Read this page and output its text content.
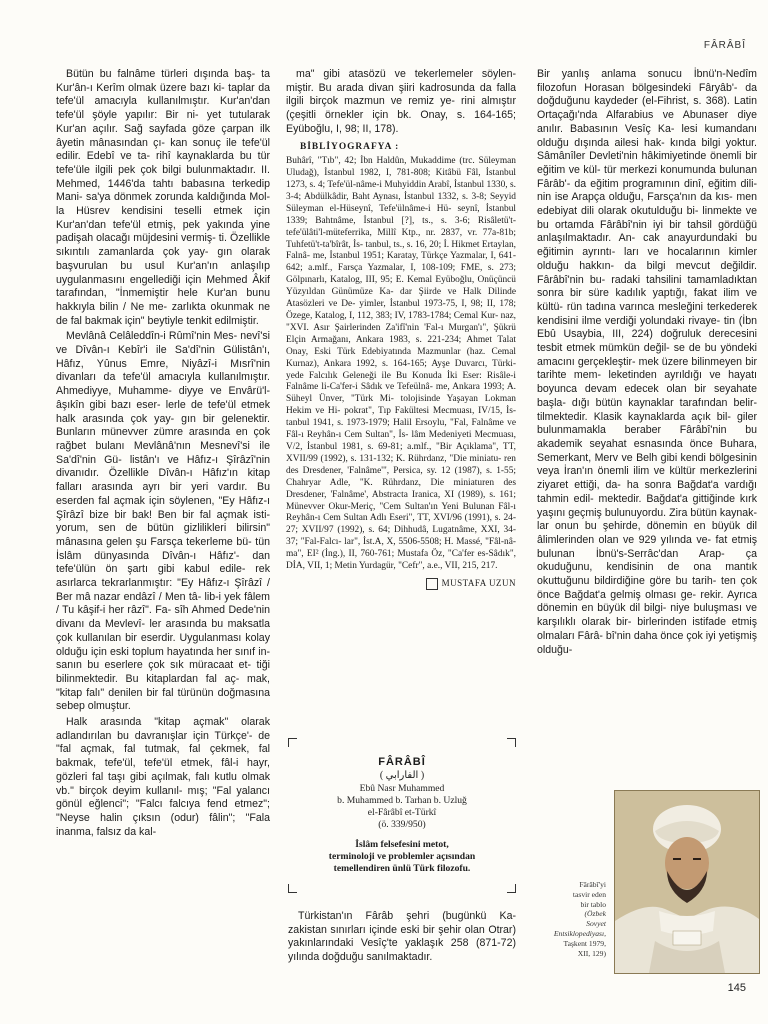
FÂRÂBÎ

Bütün bu falnâme türleri dışında baş- ta Kur'ân-ı Kerîm olmak üzere bazı ki- taplar da tefe'ül amacıyla kullanılmıştır. Kur'an'dan tefe'ül şöyle yapılır: Bir ni- yet tutularak Kur'an açılır. Sağ sayfada göze çarpan ilk âyetin mânasından çı- kan sonuç ile tefe'ül edilir. Edebî ve ta- rihî kaynaklarda bu tür tefe'üle ilgili pek çok bilgi bulunmaktadır. II. Mehmed, 1446'da tahtı babasına terkedip Mani- sa'ya dönmek zorunda kaldığında Mol- la Hüsrev kendisini teselli etmek için Kur'an'dan tefe'ül etmiş, pek yakında yine padişah olacağı müjdesini vermiş- ti. Özellikle sıkıntılı zamanlarda çok yay- gın olarak başvurulan bu usul Kur'an'ın anlaşılıp uygulanmasını engellediği için Mehmed Âkif tarafından, "İnmemiştir hele Kur'an bunu hakkıyla bilin / Ne me- zarlıkta okunmak ne de fal bakmak için" beytiyle tenkit edilmiştir.

Mevlânâ Celâleddîn-i Rûmî'nin Mes- nevî'si ve Dîvân-ı Kebîr'i ile Sa'dî'nin Gülistân'ı, Hâfız, Yûnus Emre, Niyâzî-i Mısrî'nin divanları da tefe'ül amacıyla kullanılmıştır. Ahmediyye, Muhamme- diyye ve Envârü'l-âşıkîn gibi bazı eser- lerle de tefe'ül etmek halk arasında çok yay- gın bir gelenektir. Bunların münevver zümre arasında en çok rağbet bulanı Mevlânâ'nın Mesnevî'si ile Sa'dî'nin Gü- listân'ı ve Hâfız-ı Şîrâzî'nin divanıdır. Özellikle Dîvân-ı Hâfız'ın kitap falları arasında ayrı bir yeri vardır. Bu eserden fal açmak için söylenen, "Ey Hâfız-ı Şîrâzî bize bir bak! Ben bir fal açmak isti- yorum, sen de bütün gizlilikleri bilirsin" mânasına gelen şu Farsça tekerleme bü- tün İslâm dünyasında Dîvân-ı Hâfız'- dan tefe'ülün ön şartı gibi kabul edile- rek asırlarca tekrarlanmıştır: "Ey Hâfız-ı Şîrâzî / Ber mâ nazar endâzî / Men tâ- lib-i yek fâlem / Tu kâşif-i her râzî". Fa- sîh Ahmed Dede'nin divanı da Mevlevî- ler arasında bu maksatla çok kullanılan bir eserdir. Uygulanması kolay olduğu için eski toplum hayatında her sınıf in- sanın bu eserlere çok sık müracaat et- tiği bilinmektedir. Bu kitaplardan fal aç- mak, "kitap falı" denilen bir fal türünün doğmasına sebep olmuştur.

Halk arasında "kitap açmak" olarak adlandırılan bu davranışlar için Türkçe'- de "fal açmak, fal tutmak, fal çekmek, fal bakmak, tefe'ül, tefe'ül etmek, fâl-i hayr, gözleri fal taşı gibi açılmak, falı kutlu olmak vb." birçok deyim kullanıl- mış; "Fal yalancı gönül eğlenci"; "Falcı falcıya fend etmez"; "Neyse halin çıksın (odur) fâlin"; "Fala inanma, falsız da kal-

ma" gibi atasözü ve tekerlemeler söylen- miştir. Bu arada divan şiiri kadrosunda da falla ilgili birçok mazmun ve remiz ye- rini almıştır (çeşitli örnekler için bk. Onay, s. 164-165; Eyüboğlu, I, 98; II, 178).

BİBLİYOGRAFYA :

Buhârî, "Tıb", 42; İbn Haldûn, Mukaddime (trc. Süleyman Uludağ), İstanbul 1982, I, 781-808; Kitâbü Fâl, İstanbul 1273, s. 4; Tefe'ül-nâme-i Muhyiddin Arabî, İstanbul 1330, s. 3-4; Abdülkâdir, Baht Aynası, İstanbul 1332, s. 3-8; Seyyid Süleyman el-Hüseynî, Tefe'ülnâme-i Hü- seynî, İstanbul 1339; Bahtnâme, İstanbul [?], ts., s. 3-6; Risâletü't-tefe'ülâti'l-müteferrika, Millî Ktp., nr. 2837, vr. 77a-81b; Tuhfetü't-ta'bîrât, İs- tanbul, ts., s. 16, 20; İ. Hikmet Ertaylan, Falnâ- me, İstanbul 1951; Karatay, Türkçe Yazmalar, I, 641-642; a.mlf., Farsça Yazmalar, I, 108-109; FME, s. 273; Gölpınarlı, Katalog, III, 95; E. Kemal Eyüboğlu, Onüçüncü Yüzyıldan Günümüze Ka- dar Şiirde ve Halk Dilinde Atasözleri ve De- yimler, İstanbul 1973-75, I, 98; II, 178; Özege, Katalog, I, 112, 383; IV, 1783-1784; Cemal Kur- naz, "XVI. Asır Şairlerinden Za'ifî'nin 'Fal-ı Murgan'ı", Şükrü Elçin Armağanı, Ankara 1983, s. 221-234; Ahmet Talat Onay, Eski Türk Edebiyatında Mazmunlar (haz. Cemal Kurnaz), Ankara 1992, s. 164-165; Ayşe Duvarcı, Türki- yede Falcılık Geleneği ile Bu Konuda İki Eser: Risâle-i Falnâme li-Ca'fer-i Sâdık ve Tefeülnâ- me, Ankara 1993; A. Süheyl Ünver, "Türk Mi- tolojisinde Yaşayan Lokman Hekim ve Hi- pokrat", Tıp Fakültesi Mecmuası, IV/15, İs- tanbul 1941, s. 1973-1979; Halil Ersoylu, "Fal, Falnâme ve Fâl-ı Reyhân-ı Cem Sultan", İs- lâm Medeniyeti Mecmuası, V/2, İstanbul 1981, s. 69-81; a.mlf., "Bir Açıklama", TT, XVII/99 (1992), s. 131-132; K. Rührdanz, "Die miniatu- ren des Dresdener, 'Falnâme'", Persica, sy. 12 (1987), s. 1-55; Chahryar Adle, "K. Rührdanz, Die miniaturen des Dresdener, 'Falnâme', Abstracta Iranica, XI (1989), s. 161; Münevver Okur-Meriç, "Cem Sultan'ın Yeni Bulunan Fâl-ı Reyhân-ı Cem Sultan Adlı Eseri", TT, XVI/96 (1991), s. 24-27; XVII/97 (1992), s. 64; Dihhudâ, Lugatnâme, XXI, 34-37; "Fal-Falcı- lar", İst.A, X, 5506-5508; H. Massé, "Fâl-nâ- ma", EI² (İng.), II, 760-761; Mustafa Öz, "Ca'fer es-Sâdık", DİA, VII, 1; Metin Yurdagür, "Cefr", a.e., VII, 215, 217.

MUSTAFA UZUN
FÂRÂBÎ
( الفارابي )
Ebû Nasr Muhammed
b. Muhammed b. Tarhan b. Uzluğ
el-Fârâbî et-Türkî
(ö. 339/950)
İslâm felsefesini metot,
terminoloji ve problemler açısından
temellendiren ünlü Türk filozofu.

Türkistan'ın Fârâb şehri (bugünkü Ka- zakistan sınırları içinde eski bir şehir olan Otrar) yakınlarındaki Vesîç'te yaklaşık 258 (871-72) yılında doğduğu sanılmaktadır.

Bir yanlış anlama sonucu İbnü'n-Nedîm filozofun Horasan bölgesindeki Fâryâb'- da doğduğunu kaydeder (el-Fihrist, s. 368). Latin Ortaçağı'nda Alfarabius ve Abunaser diye anılır. Babasının Vesîç Ka- lesi kumandanı olduğu dışında ailesi hak- kında bilgi yoktur. Sâmânîler Devleti'nin hâkimiyetinde önemli bir eğitim ve kül- tür merkezi konumunda bulunan Fârâb'- da eğitim programının dinî, eğitim dili- nin ise Arapça olduğu, Farsça'nın da kıs- men edebiyat dili olarak okutulduğu bi- linmekte ve bu ortamda Fârâbî'nin iyi bir tahsil gördüğü anlaşılmaktadır. An- cak anayurdundaki bu eğitimin ayrıntı- ları ve hocalarının kimler olduğu hakkın- da bilgi mevcut değildir. Fârâbî'nin bu- radaki tahsilini tamamladıktan sonra bir süre kadılık yaptığı, fakat ilim ve kültü- rün tadına varınca mesleğini terkederek kendisini ilme verdiği yolundaki rivaye- tin (İbn Ebû Usaybia, III, 224) doğruluk derecesini tesbit etmek mümkün değil- se de bu yöndeki amacını gerçekleştir- mek üzere bilinmeyen bir tarihte mem- leketinden ayrıldığı ve hayatı boyunca devam edecek olan bir seyahate başla- dığı bütün kaynaklar tarafından belir- tilmektedir. Klasik kaynaklarda açık bil- giler bulunmamakla beraber Fârâbî'nin bu akademik seyahat esnasında önce Buhara, Semerkant, Merv ve Belh gibi kendi bölgesinin veya İran'ın önemli ilim ve kültür merkezlerini ziyaret ettiği, da- ha sonra Bağdat'a vardığı tahmin edil- mektedir. Bağdat'a gittiğinde kırk yaşını geçmiş bulunuyordu. Zira bütün kaynak- lar onun bu şehirde, dönemin en büyük dil âlimlerinden olan ve 929 yılında ve- fat etmiş bulunan İbnü's-Serrâc'dan Arap- ça okuduğunu, kendisinin de ona mantık okuttuğunu bildirdiğine göre bu tarih- ten çok önce Bağdat'a gelmiş olması ge- rekir. Ayrıca dönemin en büyük dil bilgi- niye buluşması ve karşılıklı olarak bir- birlerinden istifade etmiş olmaları Fârâ- bî'nin daha önce çok iyi yetişmiş olduğu-

Fârâbî'yi
tasvir eden
bir tablo
(Özbek
Sovyet
Entsiklopediyası,
Taşkent 1979,
XII, 129)
145
